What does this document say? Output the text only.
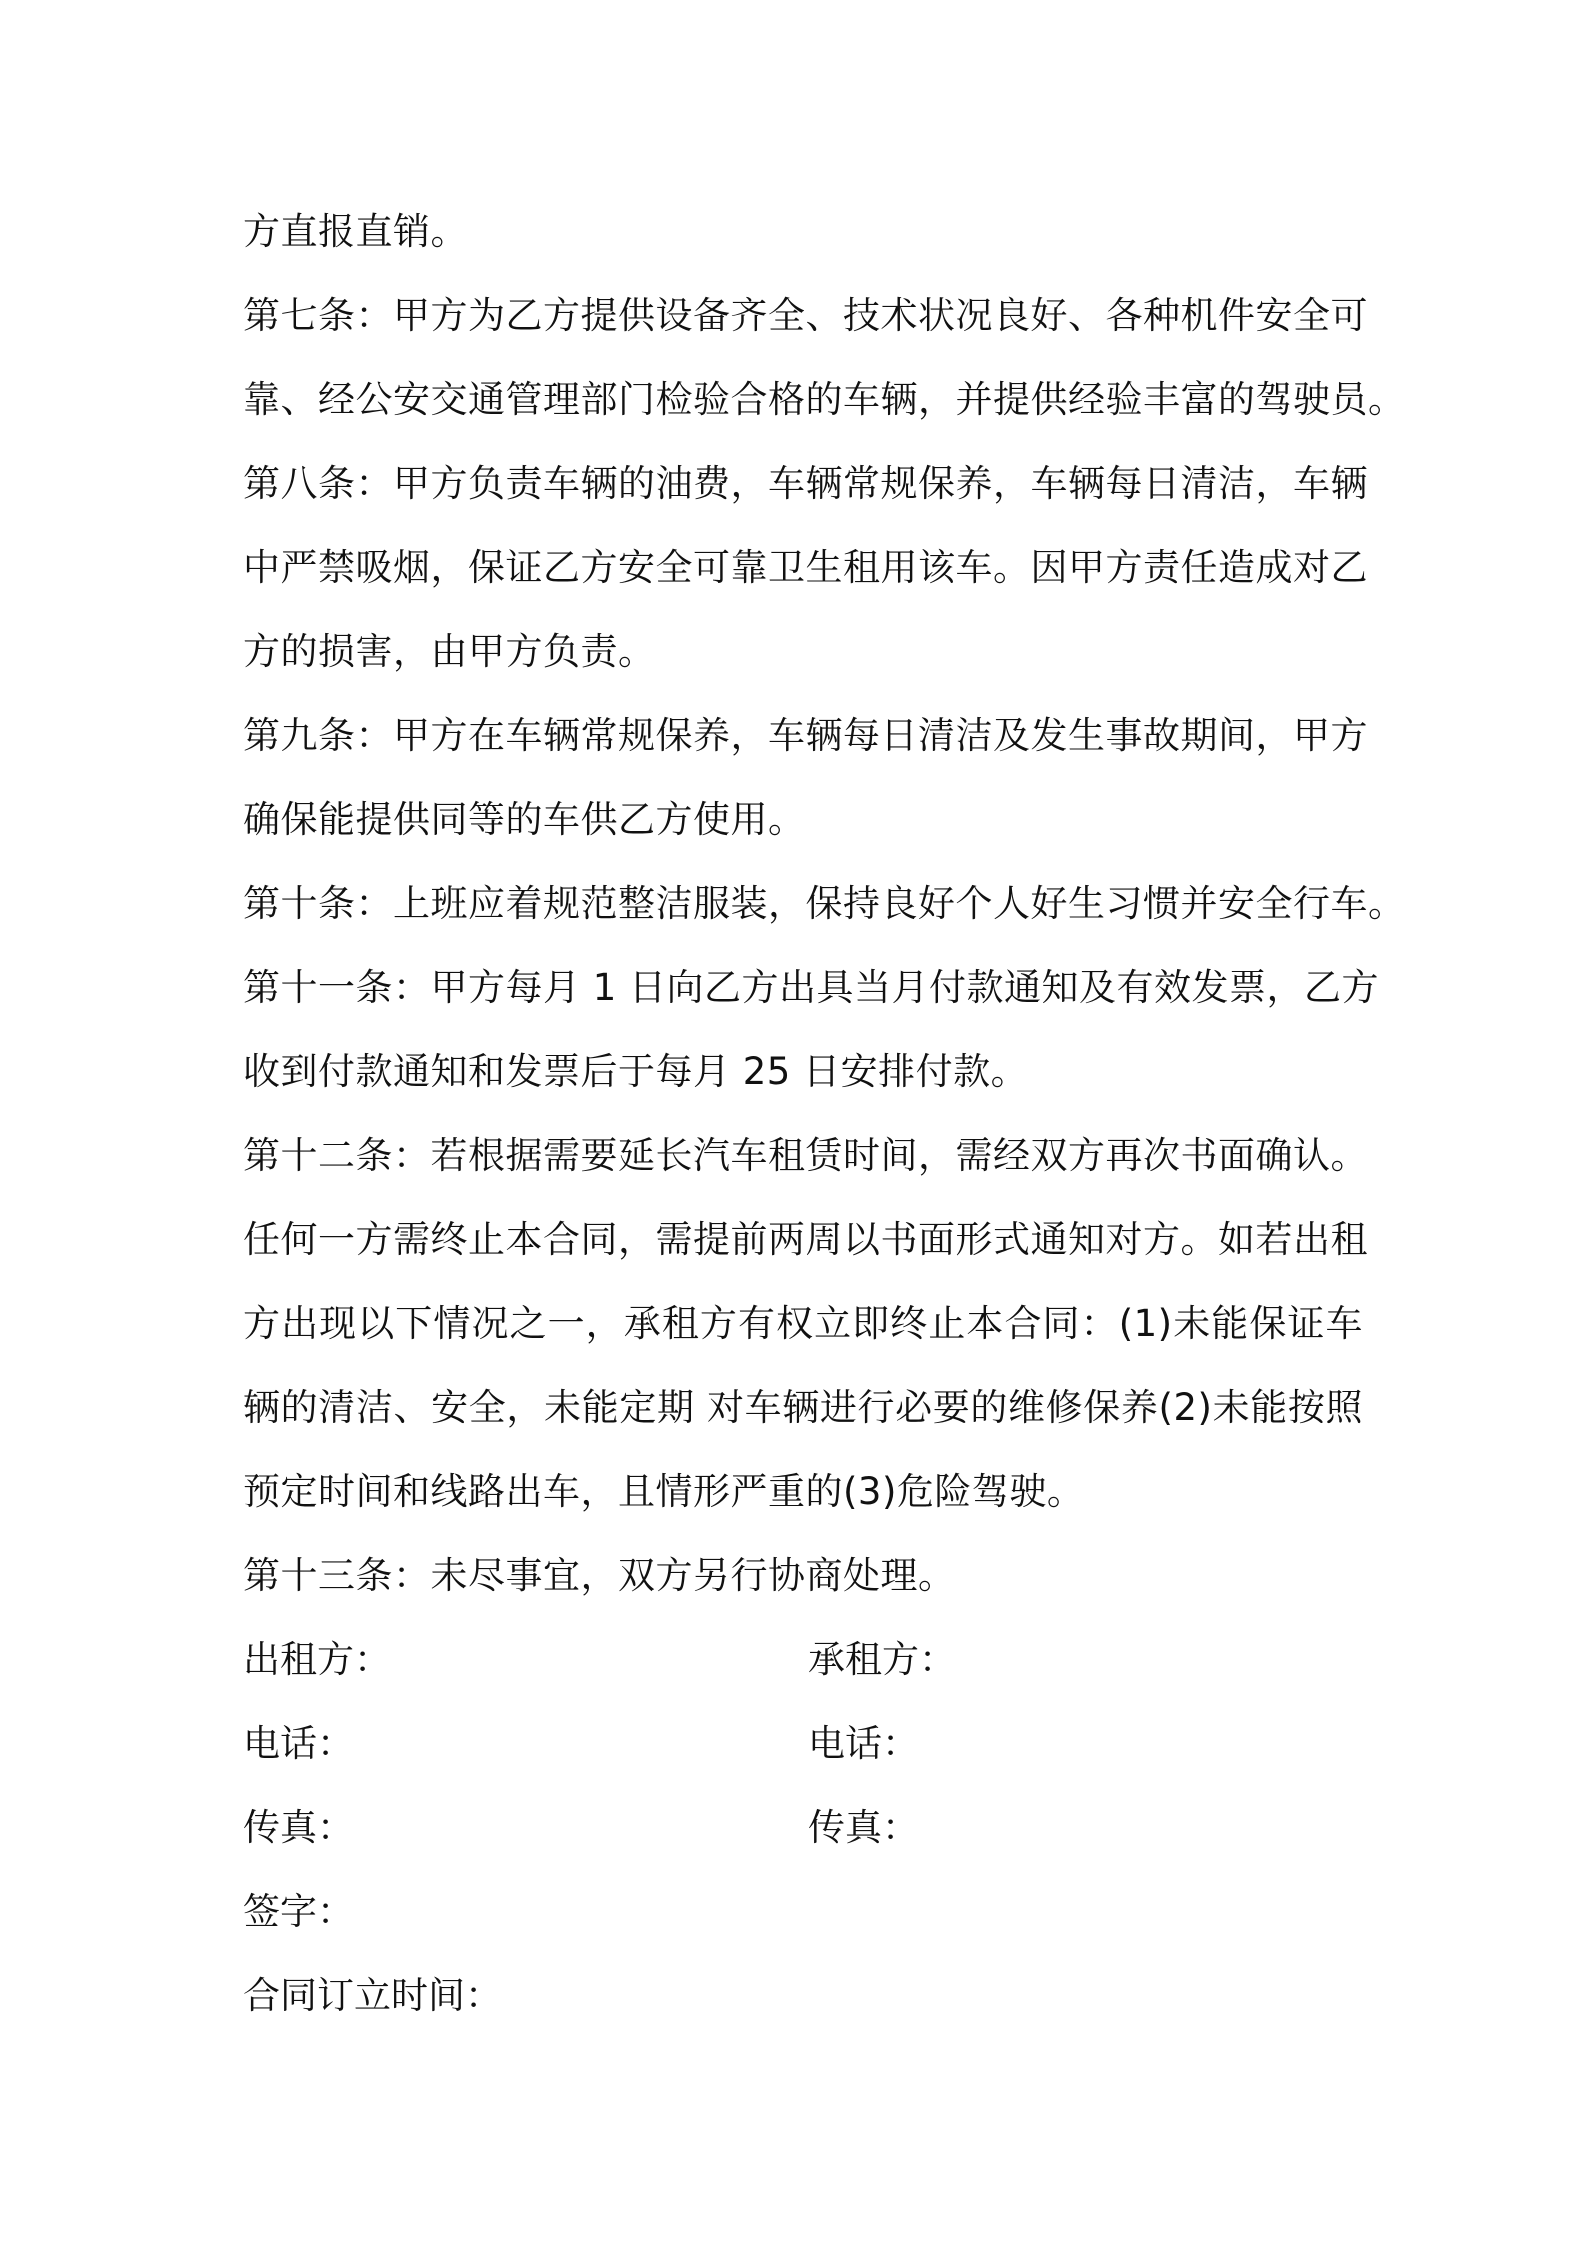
方直报直销。
第七条：甲方为乙方提供设备齐全、技术状况良好、各种机件安全可
靠、经公安交通管理部门检验合格的车辆，并提供经验丰富的驾驶员。
第八条：甲方负责车辆的油费，车辆常规保养，车辆每日清洁，车辆
中严禁吸烟，保证乙方安全可靠卫生租用该车。因甲方责任造成对乙
方的损害，由甲方负责。
第九条：甲方在车辆常规保养，车辆每日清洁及发生事故期间，甲方
确保能提供同等的车供乙方使用。
第十条：上班应着规范整洁服装，保持良好个人好生习惯并安全行车。
第十一条：甲方每月 1 日向乙方出具当月付款通知及有效发票，乙方
收到付款通知和发票后于每月 25 日安排付款。
第十二条：若根据需要延长汽车租赁时间，需经双方再次书面确认。
任何一方需终止本合同，需提前两周以书面形式通知对方。如若出租
方出现以下情况之一，承租方有权立即终止本合同：(1)未能保证车
辆的清洁、安全，未能定期 对车辆进行必要的维修保养(2)未能按照
预定时间和线路出车，且情形严重的(3)危险驾驶。
第十三条：未尽事宜，双方另行协商处理。
出租方：	承租方：
电话：	电话：
传真：	传真：
签字：
合同订立时间：
